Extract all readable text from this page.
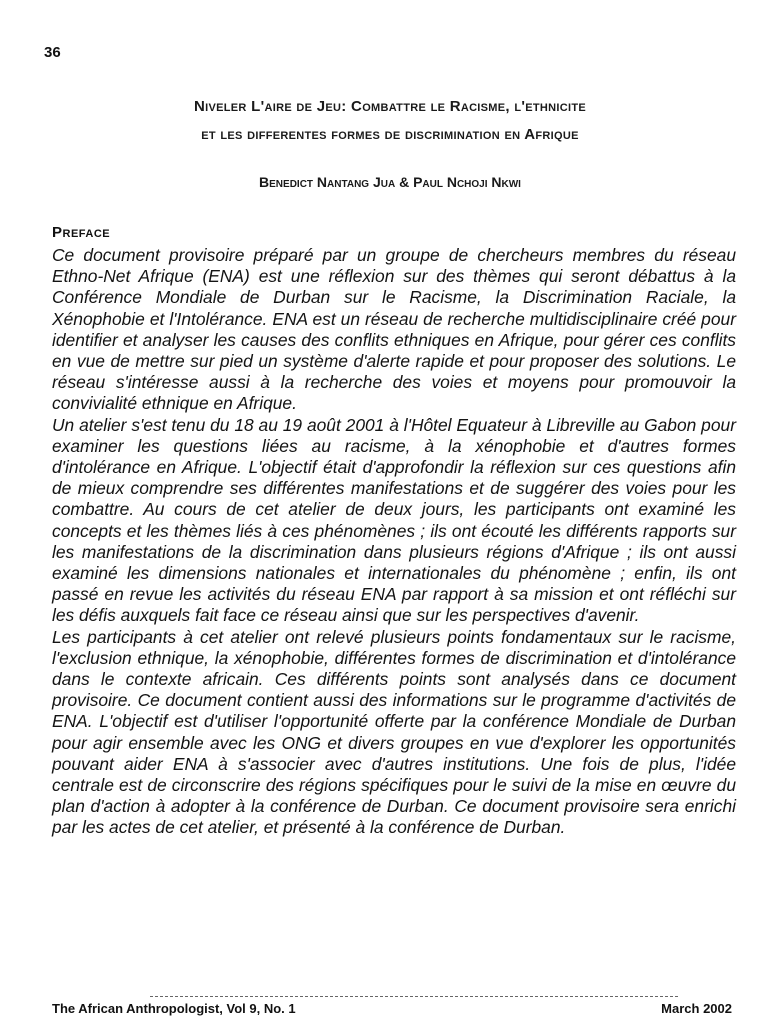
36
Niveler L'aire de Jeu: Combattre le Racisme, l'ethnicite
et les differentes formes de discrimination en Afrique
Benedict Nantang Jua & Paul Nchoji Nkwi
Preface

Ce document provisoire préparé par un groupe de chercheurs membres du réseau Ethno-Net Afrique (ENA) est une réflexion sur des thèmes qui seront débattus à la Conférence Mondiale de Durban sur le Racisme, la Discrimination Raciale, la Xénophobie et l'Intolérance. ENA est un réseau de recherche multidisciplinaire créé pour identifier et analyser les causes des conflits ethniques en Afrique, pour gérer ces conflits en vue de mettre sur pied un système d'alerte rapide et pour proposer des solutions. Le réseau s'intéresse aussi à la recherche des voies et moyens pour promouvoir la convivialité ethnique en Afrique.

Un atelier s'est tenu du 18 au 19 août 2001 à l'Hôtel Equateur à Libreville au Gabon pour examiner les questions liées au racisme, à la xénophobie et d'autres formes d'intolérance en Afrique. L'objectif était d'approfondir la réflexion sur ces questions afin de mieux comprendre ses différentes manifestations et de suggérer des voies pour les combattre. Au cours de cet atelier de deux jours, les participants ont examiné les concepts et les thèmes liés à ces phénomènes ; ils ont écouté les différents rapports sur les manifestations de la discrimination dans plusieurs régions d'Afrique ; ils ont aussi examiné les dimensions nationales et internationales du phénomène ; enfin, ils ont passé en revue les activités du réseau ENA par rapport à sa mission et ont réfléchi sur les défis auxquels fait face ce réseau ainsi que sur les perspectives d'avenir.

Les participants à cet atelier ont relevé plusieurs points fondamentaux sur le racisme, l'exclusion ethnique, la xénophobie, différentes formes de discrimination et d'intolérance dans le contexte africain. Ces différents points sont analysés dans ce document provisoire. Ce document contient aussi des informations sur le programme d'activités de ENA. L'objectif est d'utiliser l'opportunité offerte par la conférence Mondiale de Durban pour agir ensemble avec les ONG et divers groupes en vue d'explorer les opportunités pouvant aider ENA à s'associer avec d'autres institutions. Une fois de plus, l'idée centrale est de circonscrire des régions spécifiques pour le suivi de la mise en œuvre du plan d'action à adopter à la conférence de Durban. Ce document provisoire sera enrichi par les actes de cet atelier, et présenté à la conférence de Durban.

The African Anthropologist, Vol 9, No. 1	March 2002
